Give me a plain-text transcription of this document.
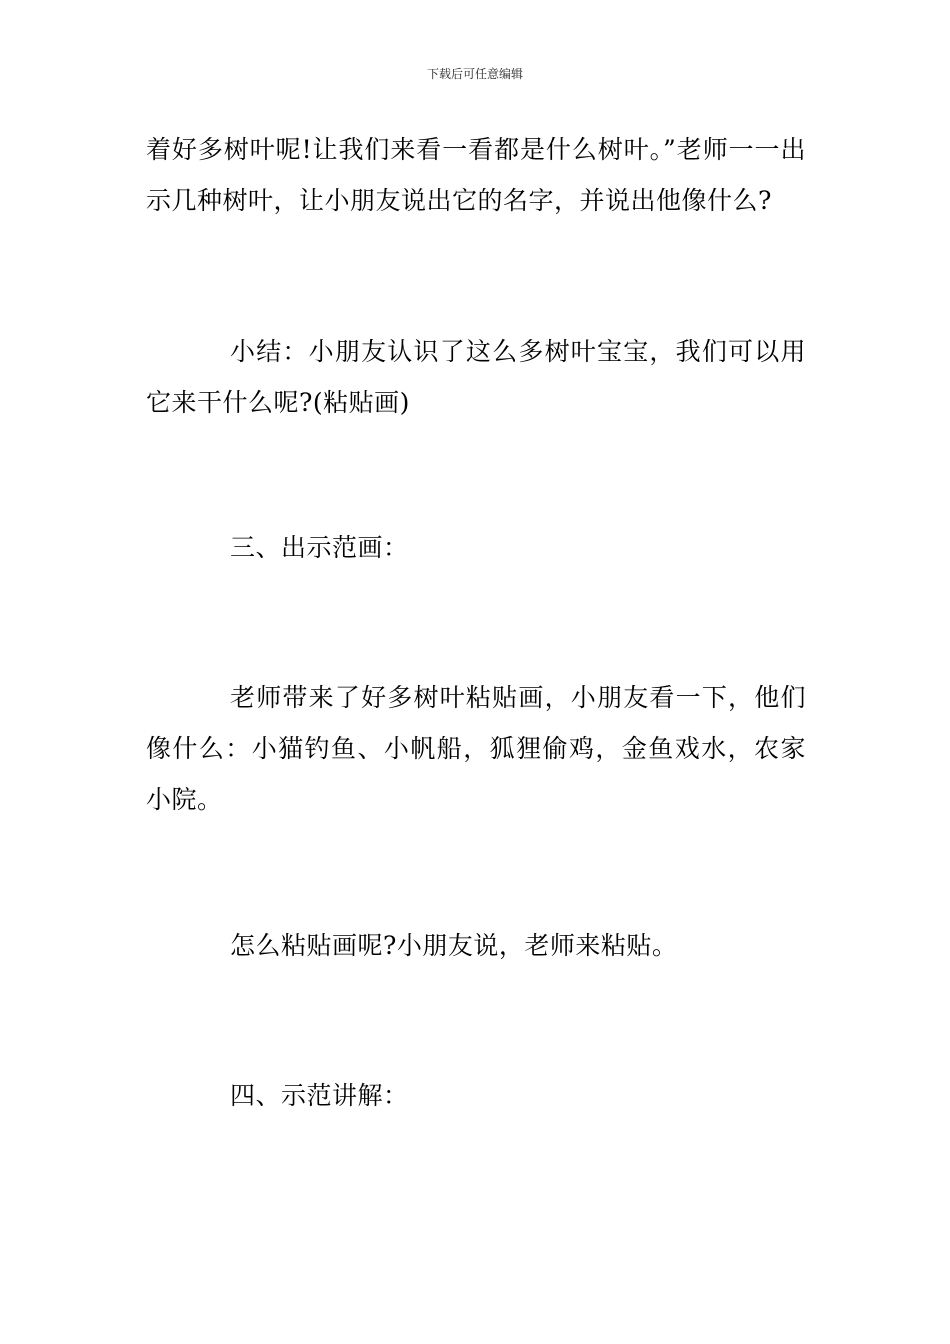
下载后可任意编辑

着好多树叶呢!让我们来看一看都是什么树叶。”老师一一出示几种树叶，让小朋友说出它的名字，并说出他像什么?

小结：小朋友认识了这么多树叶宝宝，我们可以用它来干什么呢?(粘贴画)

三、出示范画：

老师带来了好多树叶粘贴画，小朋友看一下，他们像什么：小猫钓鱼、小帆船，狐狸偷鸡，金鱼戏水，农家小院。

怎么粘贴画呢?小朋友说，老师来粘贴。

四、示范讲解：
